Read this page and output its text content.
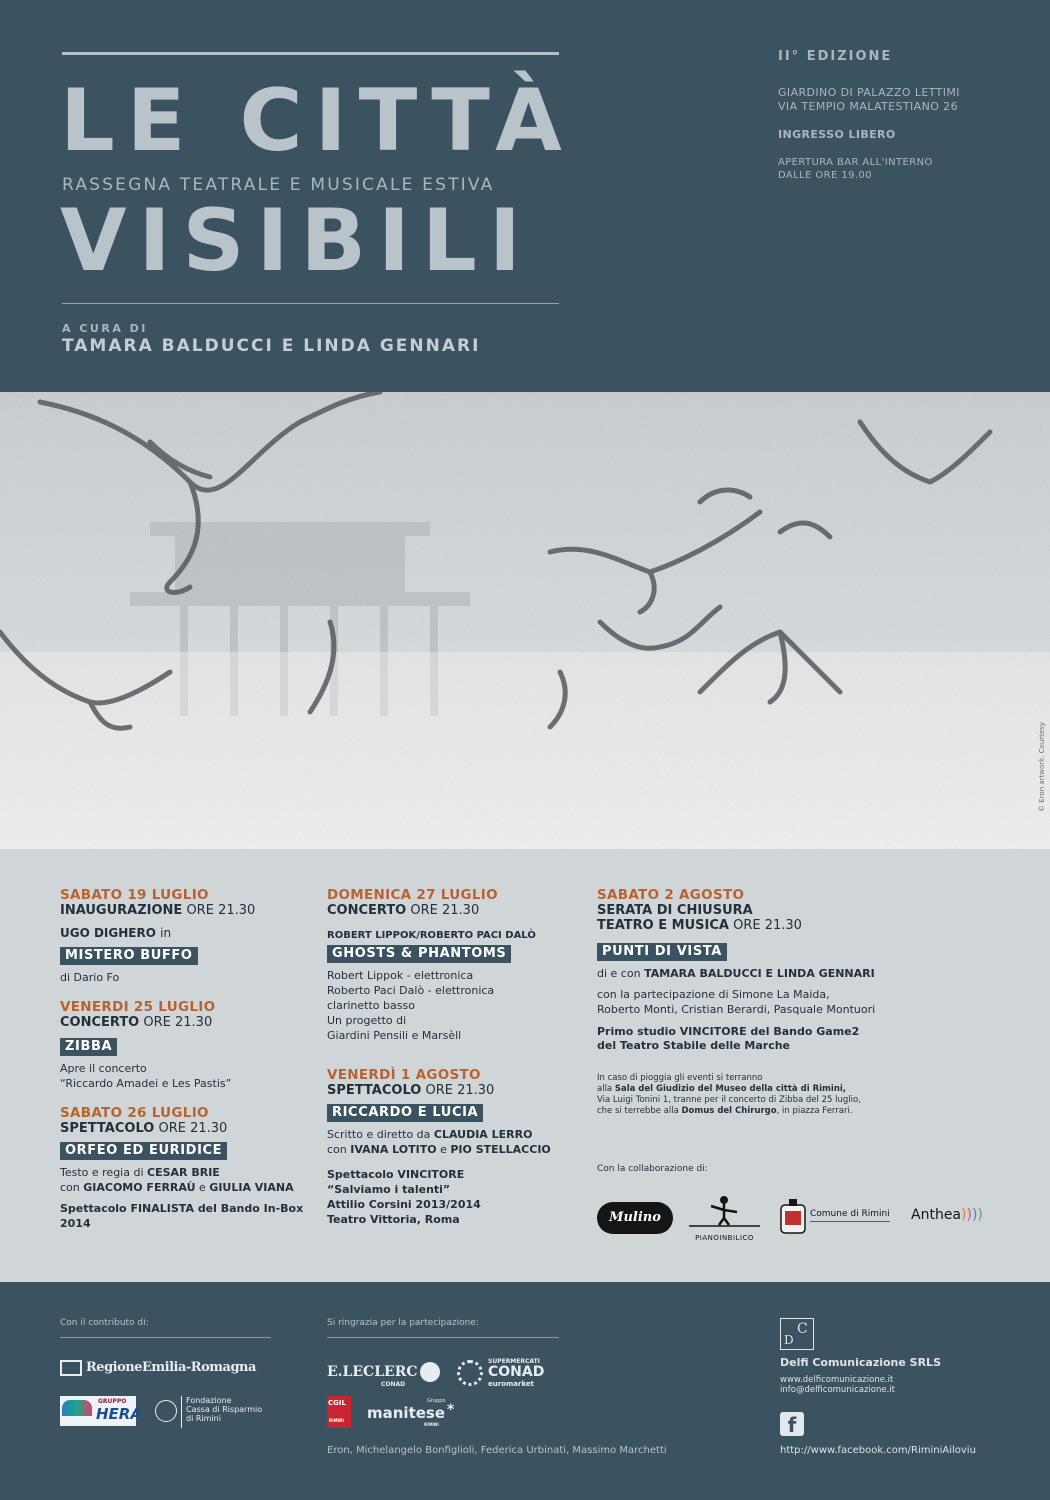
LE CITTÀ
RASSEGNA TEATRALE E MUSICALE ESTIVA
VISIBILI
A CURA DI
TAMARA BALDUCCI E LINDA GENNARI
II° EDIZIONE
GIARDINO DI PALAZZO LETTIMI
VIA TEMPIO MALATESTIANO 26
INGRESSO LIBERO
APERTURA BAR ALL'INTERNO
DALLE ORE 19.00
© Eron artwork. Courtesy
SABATO 19 LUGLIO
INAUGURAZIONE ORE 21.30
UGO DIGHERO in
MISTERO BUFFO
di Dario Fo
VENERDI 25 LUGLIO
CONCERTO ORE 21.30
ZIBBA
Apre il concerto
“Riccardo Amadei e Les Pastis”
SABATO 26 LUGLIO
SPETTACOLO ORE 21.30
ORFEO ED EURIDICE
Testo e regia di CESAR BRIE
con GIACOMO FERRAÙ e GIULIA VIANA
Spettacolo FINALISTA del Bando In-Box 2014
DOMENICA 27 LUGLIO
CONCERTO ORE 21.30
ROBERT LIPPOK/ROBERTO PACI DALÒ
GHOSTS & PHANTOMS
Robert Lippok - elettronica
Roberto Paci Dalò - elettronica
clarinetto basso
Un progetto di
Giardini Pensili e Marsèll
VENERDÌ 1 AGOSTO
SPETTACOLO ORE 21.30
RICCARDO E LUCIA
Scritto e diretto da CLAUDIA LERRO
con IVANA LOTITO e PIO STELLACCIO
Spettacolo VINCITORE
“Salviamo i talenti”
Attilio Corsini 2013/2014
Teatro Vittoria, Roma
SABATO 2 AGOSTO
SERATA DI CHIUSURA
TEATRO E MUSICA ORE 21.30
PUNTI DI VISTA
di e con TAMARA BALDUCCI E LINDA GENNARI
con la partecipazione di Simone La Maida,
Roberto Monti, Cristian Berardi, Pasquale Montuori
Primo studio VINCITORE del Bando Game2
del Teatro Stabile delle Marche
In caso di pioggia gli eventi si terranno
alla Sala del Giudizio del Museo della città di Rimini,
Via Luigi Tonini 1, tranne per il concerto di Zibba del 25 luglio,
che si terrebbe alla Domus del Chirurgo, in piazza Ferrari.
Con la collaborazione di:
Mulino
PIANOINBILICO
Comune di Rimini Anthea))))
Con il contributo di:	Si ringrazia per la partecipazione:
RegioneEmilia-Romagna
GRUPPO
HERA
Fondazione
Cassa di Risparmio
di Rimini
E.LECLERC
CONAD
SUPERMERCATI
CONAD
euromarket
CGIL
RIMINI
Gruppo
manitese *
RIMINI
Eron, Michelangelo Bonfiglioli, Federica Urbinati, Massimo Marchetti
D
C
Delfi Comunicazione SRLS
www.delficomunicazione.it
info@delficomunicazione.it
f
http://www.facebook.com/RiminiAiloviu
